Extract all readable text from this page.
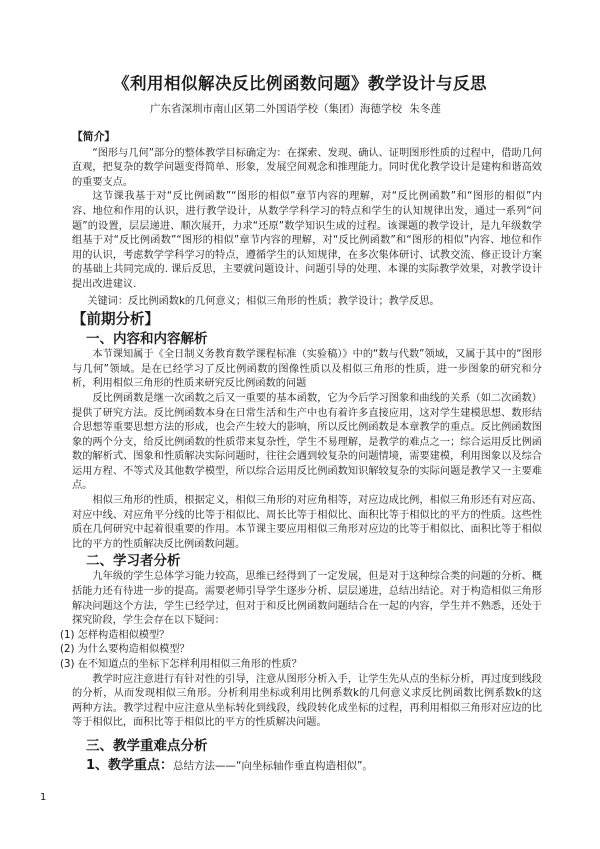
《利用相似解决反比例函数问题》教学设计与反思
广东省深圳市南山区第二外国语学校（集团）海德学校 朱冬莲

【简介】

“图形与几何”部分的整体教学目标确定为：在探索、发现、确认、证明图形性质的过程中，借助几何直观，把复杂的数学问题变得简单、形象，发展空间观念和推理能力。同时优化教学设计是建构和谐高效的重要支点。

这节课我基于对“反比例函数”“图形的相似”章节内容的理解，对“反比例函数”和“图形的相似”内容、地位和作用的认识，进行教学设计，从数学学科学习的特点和学生的认知规律出发，通过一系列“问题”的设置，层层递进、顺次展开，力求“还原”数学知识生成的过程。该课题的教学设计，是九年级数学组基于对“反比例函数”“图形的相似”章节内容的理解，对“反比例函数”和“图形的相似”内容、地位和作用的认识，考虑数学学科学习的特点，遵循学生的认知规律，在多次集体研讨、试教交流、修正设计方案的基础上共同完成的. 课后反思，主要就问题设计、问题引导的处理、本课的实际教学效果，对教学设计提出改进建议.

关键词：反比例函数k的几何意义；相似三角形的性质；教学设计；教学反思。

【前期分析】

一、内容和内容解析

本节课知属于《全日制义务教育数学课程标准（实验稿）》中的“数与代数”领域，又属于其中的“图形与几何”领域。是在已经学习了反比例函数的图像性质以及相似三角形的性质，进一步图象的研究和分析，利用相似三角形的性质来研究反比例函数的问题

反比例函数是继一次函数之后又一重要的基本函数，它为今后学习图象和曲线的关系（如二次函数）提供了研究方法。反比例函数本身在日常生活和生产中也有着许多直接应用，这对学生建模思想、数形结合思想等重要思想方法的形成，也会产生较大的影响，所以反比例函数是本章教学的重点。反比例函数图象的两个分支，给反比例函数的性质带来复杂性，学生不易理解，是教学的难点之一；综合运用反比例函数的解析式、图象和性质解决实际问题时，往往会遇到较复杂的问题情境，需要建模，利用图象以及综合运用方程、不等式及其他数学模型，所以综合运用反比例函数知识解较复杂的实际问题是教学又一主要难点。

相似三角形的性质，根据定义，相似三角形的对应角相等，对应边成比例，相似三角形还有对应高、对应中线、对应角平分线的比等于相似比、周长比等于相似比、面积比等于相似比的平方的性质。这些性质在几何研究中起着很重要的作用。本节课主要应用相似三角形对应边的比等于相似比、面积比等于相似比的平方的性质解决反比例函数问题。

二、学习者分析

九年级的学生总体学习能力较高，思维已经得到了一定发展，但是对于这种综合类的问题的分析、概括能力还有待进一步的提高。需要老师引导学生逐步分析、层层递进，总结出结论。对于构造相似三角形解决问题这个方法，学生已经学过，但对于和反比例函数问题结合在一起的内容，学生并不熟悉，还处于探究阶段，学生会存在以下疑问：

(1) 怎样构造相似模型？

(2) 为什么要构造相似模型？

(3) 在不知道点的坐标下怎样利用相似三角形的性质？

教学时应注意进行有针对性的引导，注意从图形分析入手，让学生先从点的坐标分析，再过度到线段的分析，从而发现相似三角形。分析利用坐标或利用比例系数k的几何意义求反比例函数比例系数k的这两种方法。教学过程中应注意从坐标转化到线段，线段转化成坐标的过程，再利用相似三角形对应边的比等于相似比，面积比等于相似比的平方的性质解决问题。

三、教学重难点分析

1、教学重点：总结方法——“向坐标轴作垂直构造相似”。

1
